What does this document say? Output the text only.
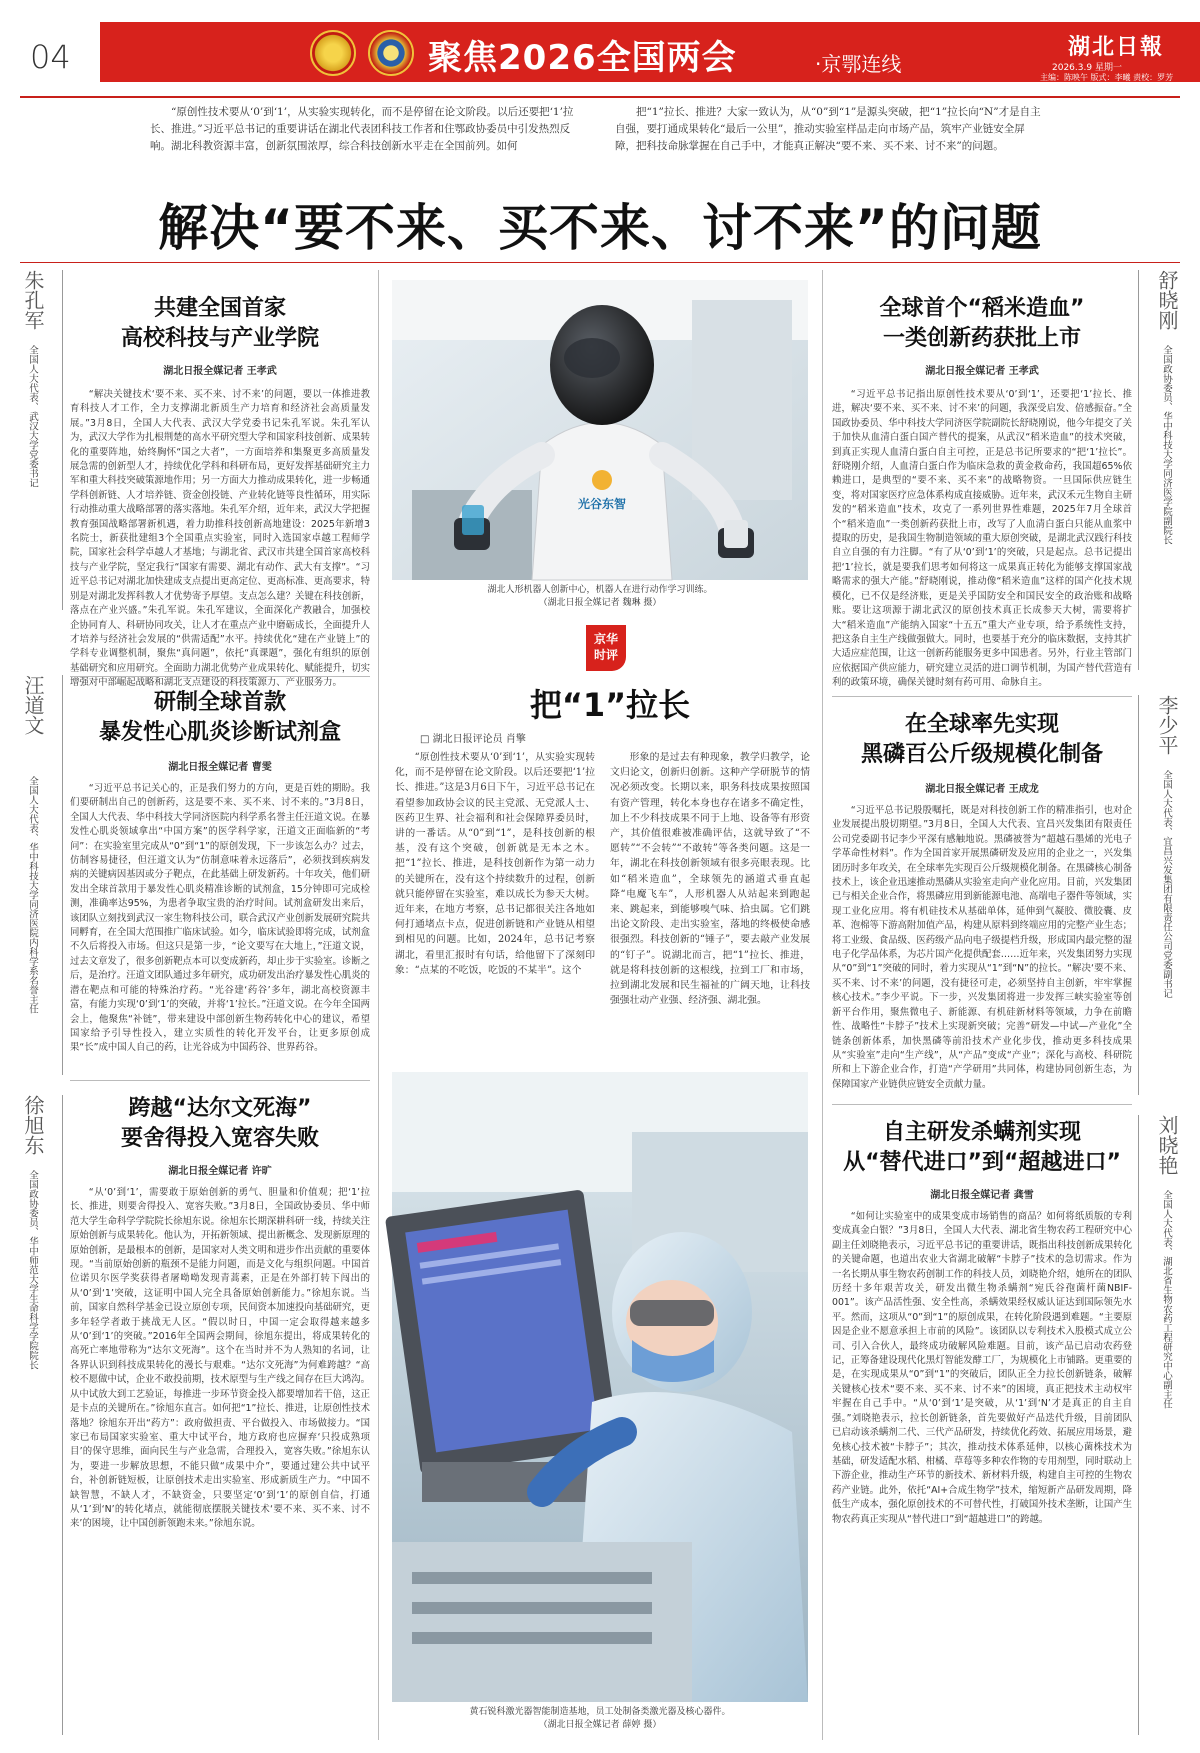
04	聚焦2026全国两会	·京鄂连线
湖北日報
2026.3.9 星期一
主编：陈映午 版式：李曦 责校：罗芳
“原创性技术要从‘0’到‘1’，从实验实现转化，而不是停留在论文阶段。以后还要把‘1’拉长、推进。”习近平总书记的重要讲话在湖北代表团科技工作者和住鄂政协委员中引发热烈反响。湖北科教资源丰富，创新氛围浓厚，综合科技创新水平走在全国前列。如何
把“1”拉长、推进？大家一致认为，从“0”到“1”是源头突破，把“1”拉长向“N”才是自主自强，要打通成果转化“最后一公里”，推动实验室样品走向市场产品，筑牢产业链安全屏障，把科技命脉掌握在自己手中，才能真正解决“要不来、买不来、讨不来”的问题。
解决“要不来、买不来、讨不来”的问题
朱孔军
全国人大代表、武汉大学党委书记
汪道文
全国人大代表、华中科技大学同济医院内科学系名誉主任
徐旭东
全国政协委员、华中师范大学生命科学学院院长
舒晓刚
全国政协委员、华中科技大学同济医学院副院长
李少平
全国人大代表、宜昌兴发集团有限责任公司党委副书记
刘晓艳
全国人大代表、湖北省生物农药工程研究中心副主任
共建全国首家
高校科技与产业学院
湖北日报全媒记者 王孝武
“解决关键技术‘要不来、买不来、讨不来’的问题，要以一体推进教育科技人才工作，全力支撑湖北新质生产力培育和经济社会高质量发展。”3月8日，全国人大代表、武汉大学党委书记朱孔军说。朱孔军认为，武汉大学作为扎根荆楚的高水平研究型大学和国家科技创新、成果转化的重要阵地，始终胸怀“国之大者”，一方面培养和集聚更多高质量发展急需的创新型人才，持续优化学科和科研布局，更好发挥基础研究主力军和重大科技突破策源地作用；另一方面大力推动成果转化，进一步畅通学科创新链、人才培养链、资金创投链、产业转化链等良性循环，用实际行动推动重大战略部署的落实落地。朱孔军介绍，近年来，武汉大学把握教育强国战略部署新机遇，着力助推科技创新高地建设：2025年新增3名院士，新获批建组3个全国重点实验室，同时入选国家卓越工程师学院，国家社会科学卓越人才基地；与湖北省、武汉市共建全国首家高校科技与产业学院，坚定我行“国家有需要、湖北有动作、武大有支撑”。“习近平总书记对湖北加快建成支点提出更高定位、更高标准、更高要求，特别是对湖北发挥科教人才优势寄予厚望。支点怎么建？关键在科技创新，落点在产业兴盛。”朱孔军说。朱孔军建议，全面深化产教融合，加强校企协同育人、科研协同攻关，让人才在重点产业中磨砺成长，全面提升人才培养与经济社会发展的“供需适配”水平。持续优化“建在产业链上”的学科专业调整机制，聚焦“真问题”，依托“真课题”，强化有组织的原创基础研究和应用研究。全面助力湖北优势产业成果转化、赋能提升，切实增强对中部崛起战略和湖北支点建设的科技策源力、产业服务力。
研制全球首款
暴发性心肌炎诊断试剂盒
湖北日报全媒记者 曹雯
“习近平总书记关心的，正是我们努力的方向，更是百姓的期盼。我们要研制出自己的创新药，这是要不来、买不来、讨不来的。”3月8日，全国人大代表、华中科技大学同济医院内科学系名誉主任汪道文说。在暴发性心肌炎领域拿出“中国方案”的医学科学家，汪道文正面临新的“考问”：在实验室里完成从“0”到“1”的原创发现，下一步该怎么办？过去，仿制容易捷径，但汪道文认为“仿制意味着永远落后”，必须找到疾病发病的关键病因基因或分子靶点，在此基础上研发新药。十年攻关，他们研发出全球首款用于暴发性心肌炎精准诊断的试剂盒，15分钟即可完成检测，准确率达95%，为患者争取宝贵的治疗时间。试剂盒研发出来后，该团队立刻找到武汉一家生物科技公司，联合武汉产业创新发展研究院共同孵育，在全国大范围推广临床试验。如今，临床试验即将完成，试剂盒不久后将投入市场。但这只是第一步，“论文要写在大地上，”汪道文说，过去文章发了，很多创新靶点本可以变成新药，却止步于实验室。诊断之后，是治疗。汪道文团队通过多年研究，成功研发出治疗暴发性心肌炎的潜在靶点和可能的特殊治疗药。“光谷建‘药谷’多年，湖北高校资源丰富，有能力实现‘0’到‘1’的突破，并将‘1’拉长。”汪道文说。在今年全国两会上，他聚焦“补链”，带来建设中部创新生物药转化中心的建议，希望国家给予引导性投入，建立实质性的转化开发平台，让更多原创成果“长”成中国人自己的药，让光谷成为中国药谷、世界药谷。
跨越“达尔文死海”
要舍得投入宽容失败
湖北日报全媒记者 许旷
“从‘0’到‘1’，需要敢于原始创新的勇气、胆量和价值观；把‘1’拉长、推进，则要舍得投入、宽容失败。”3月8日，全国政协委员、华中师范大学生命科学学院院长徐旭东说。徐旭东长期深耕科研一线，持续关注原始创新与成果转化。他认为，开拓新领域、提出新概念、发现新原理的原始创新，是最根本的创新，是国家对人类文明和进步作出贡献的重要体现。“当前原始创新的瓶颈不是能力问题，而是文化与组织问题。中国首位诺贝尔医学奖获得者屠呦呦发现青蒿素，正是在外部打转下闯出的从‘0’到‘1’突破，这证明中国人完全具备原始创新能力。”徐旭东说。当前，国家自然科学基金已设立原创专项，民间资本加速投向基础研究，更多年轻学者敢于挑战无人区。“假以时日，中国一定会取得越来越多从‘0’到‘1’的突破。”2016年全国两会期间，徐旭东提出，将成果转化的高死亡率地带称为“达尔文死海”。这个在当时并不为人熟知的名词，让各界认识到科技成果转化的漫长与艰难。“达尔文死海”为何难跨越？“高校不愿做中试，企业不敢投前期，技术原型与生产线之间存在巨大鸿沟。从中试放大到工艺验证，每推进一步环节资金投入都要增加若干倍，这正是卡点的关键所在。”徐旭东直言。如何把“1”拉长、推进，让原创性技术落地？徐旭东开出“药方”：政府做担责、平台做投入、市场做接力。“国家已布局国家实验室、重大中试平台，地方政府也应摒弃‘只投成熟项目’的保守思维，面向民生与产业急需，合理投入，宽容失败。”徐旭东认为，要进一步解放思想，不能只做“成果中介”，要通过建公共中试平台，补创新链短板，让原创技术走出实验室、形成新质生产力。“中国不缺智慧，不缺人才，不缺资金，只要坚定‘0’到‘1’的原创自信，打通从‘1’到‘N’的转化堵点，就能彻底摆脱关键技术‘要不来、买不来、讨不来’的困境，让中国创新领跑未来。”徐旭东说。
光谷东智
湖北人形机器人创新中心，机器人在进行动作学习训练。
（湖北日报全媒记者 魏琳 摄）
京华时评
把“1”拉长
□ 湖北日报评论员 肖擎

“原创性技术要从‘0’到‘1’，从实验实现转化，而不是停留在论文阶段。以后还要把‘1’拉长、推进。”这是3月6日下午，习近平总书记在看望参加政协会议的民主党派、无党派人士、医药卫生界、社会福利和社会保障界委员时，讲的一番话。从“0”到“1”，是科技创新的根基，没有这个突破，创新就是无本之木。把“1”拉长、推进，是科技创新作为第一动力的关键所在，没有这个持续数升的过程，创新就只能停留在实验室，难以成长为参天大树。近年来，在地方考察，总书记都很关注各地如何打通堵点卡点，促进创新链和产业链从相望到相见的问题。比如，2024年，总书记考察湖北，看里汇报时有句话，给他留下了深刻印象：“点某的不吃饭，吃饭的不某半”。这个

形象的是过去有种现象，教学归教学，论文归论文，创新归创新。这种产学研脱节的情况必须改变。长期以来，职务科技成果按照国有资产管理，转化本身也存在诸多不确定性，加上不少科技成果不同于上地、设备等有形资产，其价值很难被准确评估，这就导致了“不愿转”“不会转”“不敢转”等各类问题。这是一年，湖北在科技创新领域有很多亮眼表现。比如“稻米造血”，全球领先的涵道式垂直起降“电魔飞车”，人形机器人从站起来到跑起来、跳起来，到能够嗅气味、拾虫属。它们跳出论文阶段、走出实验室，落地的终极使命感很强烈。科技创新的“锤子”，要去敲产业发展的“钉子”。说湖北而言，把“1”拉长、推进，就是将科技创新的这根线，拉到工厂和市场，拉到湖北发展和民生福祉的广阔天地，让科技强强壮动产业强、经济强、湖北强。

黄石锐科激光器智能制造基地，员工处制备类激光器及核心器件。
（湖北日报全媒记者 薛婷 摄）
全球首个“稻米造血”
一类创新药获批上市
湖北日报全媒记者 王孝武
“习近平总书记指出原创性技术要从‘0’到‘1’，还要把‘1’拉长、推进，解决‘要不来、买不来、讨不来’的问题，我深受启发、倍感振奋。”全国政协委员、华中科技大学同济医学院副院长舒晓刚说，他今年提交了关于加快从血清白蛋白国产替代的提案，从武汉“稻米造血”的技术突破，到真正实现人血清白蛋白自主可控，正是总书记所要求的“把‘1’拉长”。舒晓刚介绍，人血清白蛋白作为临床急救的黄金救命药，我国超65%依赖进口，是典型的“要不来、买不来”的战略物资。一旦国际供应链生变，将对国家医疗应急体系构成直接威胁。近年来，武汉禾元生物自主研发的“稻米造血”技术，攻克了一系列世界性难题，2025年7月全球首个“稻米造血”一类创新药获批上市，改写了人血清白蛋白只能从血浆中提取的历史，是我国生物制造领域的重大原创突破，是湖北武汉践行科技自立自强的有力注脚。“有了从‘0’到‘1’的突破，只是起点。总书记提出把‘1’拉长，就是要我们思考如何将这一成果真正转化为能够支撑国家战略需求的强大产能。”舒晓刚说，推动像“稻米造血”这样的国产化技术规模化，已不仅是经济账，更是关乎国防安全和国民安全的政治账和战略账。要让这项源于湖北武汉的原创技术真正长成参天大树，需要将扩大“稻米造血”产能纳入国家“十五五”重大产业专项，给予系统性支持，把这条自主生产线做强做大。同时，也要基于充分的临床数据，支持其扩大适应症范围，让这一创新药能服务更多中国患者。另外，行业主管部门应依据国产供应能力，研究建立灵活的进口调节机制，为国产替代营造有利的政策环境，确保关键时刻有药可用、命脉自主。
在全球率先实现
黑磷百公斤级规模化制备
湖北日报全媒记者 王成龙
“习近平总书记殷殷嘱托，既是对科技创新工作的精准指引，也对企业发展提出殷切期望。”3月8日，全国人大代表、宜昌兴发集团有限责任公司党委副书记李少平深有感触地说。黑磷被誉为“超越石墨烯的光电子学革命性材料”。作为全国首家开展黑磷研发及应用的企业之一，兴发集团历时多年攻关，在全球率先实现百公斤级规模化制备。在黑磷核心制备技术上，该企业迅速推动黑磷从实验室走向产业化应用。目前，兴发集团已与相关企业合作，将黑磷应用到新能源电池、高端电子器件等领域，实现工业化应用。将有机硅技术从基础单体，延伸到气凝胶、微胶囊、皮革、泡棉等下游高附加值产品，构建从原料到终端应用的完整产业生态；将工业级、食品级、医药级产品向电子级提档升级，形成国内最完整的湿电子化学品体系，为芯片国产化提供配套……近年来，兴发集团努力实现从“0”到“1”突破的同时，着力实现从“1”到“N”的拉长。“解决‘要不来、买不来、讨不来’的问题，没有捷径可走，必须坚持自主创新，牢牢掌握核心技术。”李少平说。下一步，兴发集团将进一步发挥三峡实验室等创新平台作用，聚焦微电子、新能源、有机硅新材料等领域，力争在前瞻性、战略性“卡脖子”技术上实现新突破；完善“研发—中试—产业化”全链条创新体系，加快黑磷等前沿技术产业化步伐，推动更多科技成果从“实验室”走向“生产线”，从“产品”变成“产业”；深化与高校、科研院所和上下游企业合作，打造“产学研用”共同体，构建协同创新生态，为保障国家产业链供应链安全贡献力量。
自主研发杀螨剂实现
从“替代进口”到“超越进口”
湖北日报全媒记者 龚雪
“如何让实验室中的成果变成市场销售的商品？如何将纸质版的专利变成真金白银？”3月8日，全国人大代表、湖北省生物农药工程研究中心副主任刘晓艳表示，习近平总书记的重要讲话，既指出科技创新成果转化的关键命题，也道出农业大省湖北破解“卡脖子”技术的急切需求。作为一名长期从事生物农药创制工作的科技人员，刘晓艳介绍，她所在的团队历经十多年艰苦攻关，研发出微生物杀螨剂“宛氏谷孢菌杆菌NBIF-001”。该产品活性强、安全性高，杀螨效果经权威认证达到国际领先水平。然而，这项从“0”到“1”的原创成果，在转化阶段遇到难题。“主要原因是企业不愿意承担上市前的风险”。该团队以专利技术入股模式成立公司、引入合伙人，最终成功破解风险难题。目前，该产品已启动农药登记，正筹备建设现代化黑灯智能发酵工厂，为规模化上市铺路。更重要的是，在实现成果从“0”到“1”的突破后，团队正全力拉长创新链条，破解关键核心技术“要不来、买不来、讨不来”的困境，真正把技术主动权牢牢握在自己手中。“从‘0’到‘1’是突破，从‘1’到‘N’才是真正的自主自强。”刘晓艳表示，拉长创新链条，首先要做好产品迭代升级，目前团队已启动该杀螨剂二代、三代产品研发，持续优化药效、拓展应用场景，避免核心技术被“卡脖子”；其次，推动技术体系延伸，以核心菌株技术为基础，研发适配水稻、柑橘、草莓等多种农作物的专用剂型，同时联动上下游企业，推动生产环节的新技术、新材料升级，构建自主可控的生物农药产业链。此外，依托“AI+合成生物学”技术，缩短新产品研发周期，降低生产成本，强化原创技术的不可替代性，打破国外技术垄断，让国产生物农药真正实现从“替代进口”到“超越进口”的跨越。
